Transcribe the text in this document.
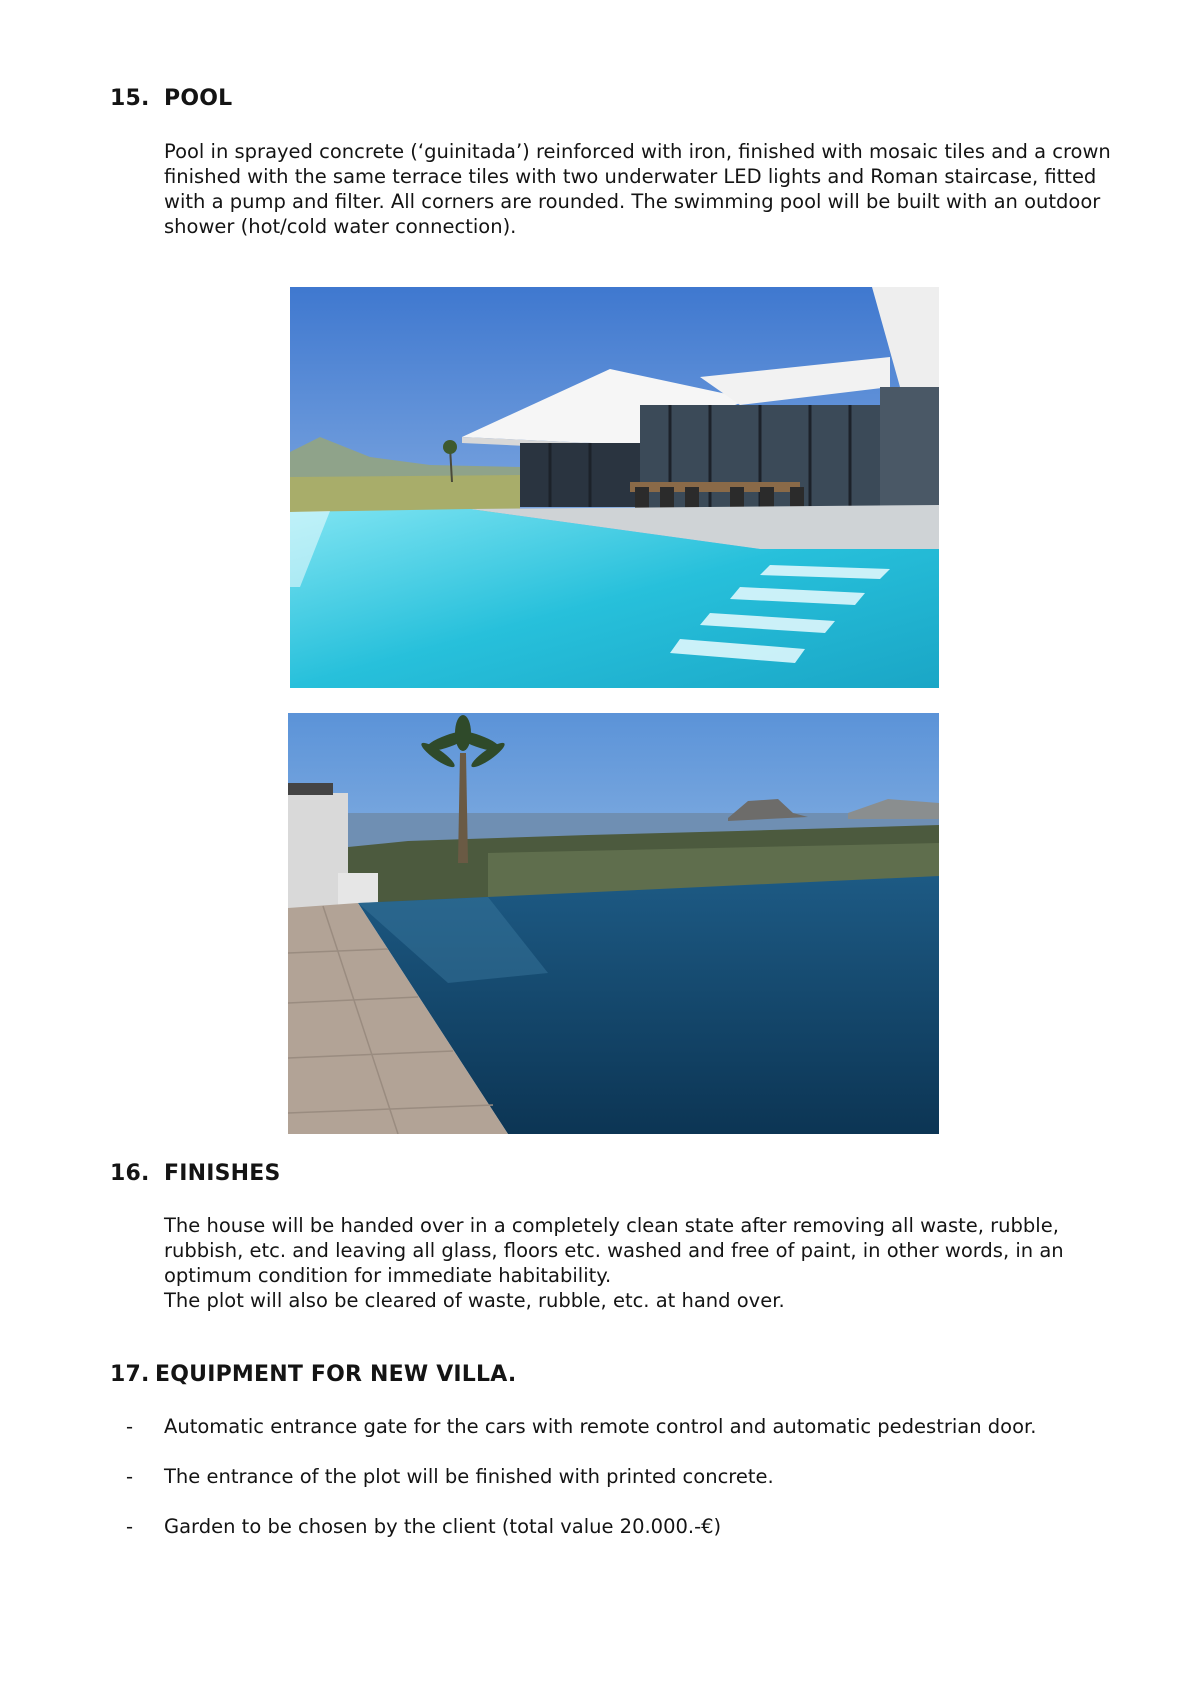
15. POOL

Pool in sprayed concrete (‘guinitada’) reinforced with iron, finished with mosaic tiles and a crown
finished with the same terrace tiles with two underwater LED lights and Roman staircase, fitted
with a pump and filter. All corners are rounded. The swimming pool will be built with an outdoor
shower (hot/cold water connection).

16. FINISHES

The house will be handed over in a completely clean state after removing all waste, rubble,
rubbish, etc. and leaving all glass, floors etc. washed and free of paint, in other words, in an
optimum condition for immediate habitability.
The plot will also be cleared of waste, rubble, etc. at hand over.

17. EQUIPMENT FOR NEW VILLA.
- Automatic entrance gate for the cars with remote control and automatic pedestrian door.
- The entrance of the plot will be finished with printed concrete.
- Garden to be chosen by the client (total value 20.000.-€)
